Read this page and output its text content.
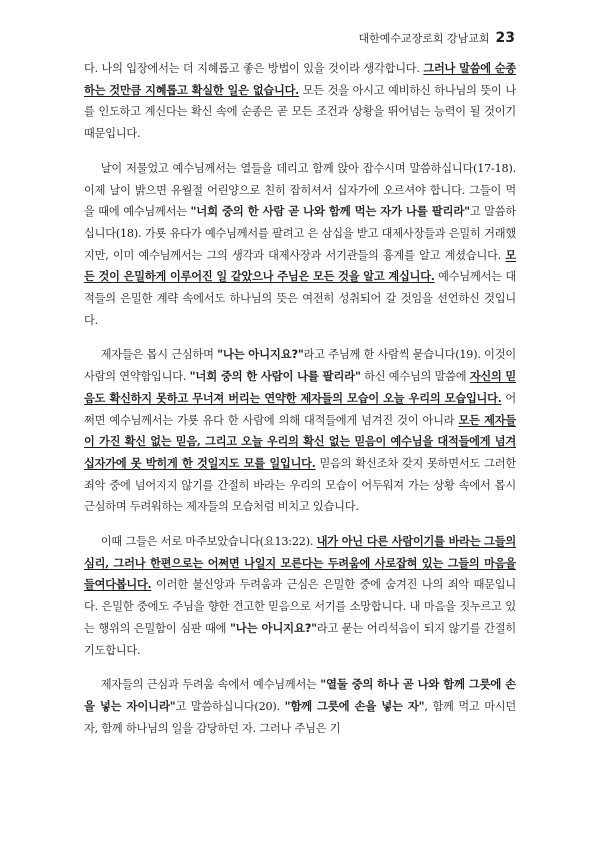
대한예수교장로회 강남교회 23

다. 나의 입장에서는 더 지혜롭고 좋은 방법이 있을 것이라 생각합니다. 그러나 말씀에 순종하는 것만큼 지혜롭고 확실한 일은 없습니다. 모든 것을 아시고 예비하신 하나님의 뜻이 나를 인도하고 계신다는 확신 속에 순종은 곧 모든 조건과 상황을 뛰어넘는 능력이 될 것이기 때문입니다.

날이 저물었고 예수님께서는 열들을 데리고 함께 앉아 잡수시며 말씀하십니다(17-18). 이제 날이 밝으면 유월절 어린양으로 친히 잡히셔서 십자가에 오르셔야 합니다. 그들이 먹을 때에 예수님께서는 "너희 중의 한 사람 곧 나와 함께 먹는 자가 나를 팔리라"고 말씀하십니다(18). 가룟 유다가 예수님께서를 팔려고 은 삼십을 받고 대제사장들과 은밀히 거래했지만, 이미 예수님께서는 그의 생각과 대제사장과 서기관들의 흉계를 알고 계셨습니다. 모든 것이 은밀하게 이루어진 일 같았으나 주님은 모든 것을 알고 계십니다. 예수님께서는 대적들의 은밀한 계략 속에서도 하나님의 뜻은 여전히 성취되어 갈 것임을 선언하신 것입니다.

제자들은 몹시 근심하며 "나는 아니지요?"라고 주님께 한 사람씩 묻습니다(19). 이것이 사람의 연약함입니다. "너희 중의 한 사람이 나를 팔리라" 하신 예수님의 말씀에 자신의 믿음도 확신하지 못하고 무너져 버리는 연약한 제자들의 모습이 오늘 우리의 모습입니다. 어쩌면 예수님께서는 가룟 유다 한 사람에 의해 대적들에게 넘겨진 것이 아니라 모든 제자들이 가진 확신 없는 믿음, 그리고 오늘 우리의 확신 없는 믿음이 예수님을 대적들에게 넘겨 십자가에 못 박히게 한 것일지도 모를 일입니다. 믿음의 확신조차 갖지 못하면서도 그러한 죄악 중에 넘어지지 않기를 간절히 바라는 우리의 모습이 어두워져 가는 상황 속에서 몹시 근심하며 두려워하는 제자들의 모습처럼 비치고 있습니다.

이때 그들은 서로 마주보았습니다(요13:22). 내가 아닌 다른 사람이기를 바라는 그들의 심리, 그러나 한편으로는 어쩌면 나일지 모른다는 두려움에 사로잡혀 있는 그들의 마음을 들여다봅니다. 이러한 불신앙과 두려움과 근심은 은밀한 중에 숨겨진 나의 죄악 때문입니다. 은밀한 중에도 주님을 향한 견고한 믿음으로 서기를 소망합니다. 내 마음을 짓누르고 있는 행위의 은밀함이 심판 때에 "나는 아니지요?"라고 묻는 어리석음이 되지 않기를 간절히 기도합니다.

제자들의 근심과 두려움 속에서 예수님께서는 "열둘 중의 하나 곧 나와 함께 그릇에 손을 넣는 자이니라"고 말씀하십니다(20). "함께 그릇에 손을 넣는 자", 함께 먹고 마시던 자, 함께 하나님의 일을 감당하던 자. 그러나 주님은 기
